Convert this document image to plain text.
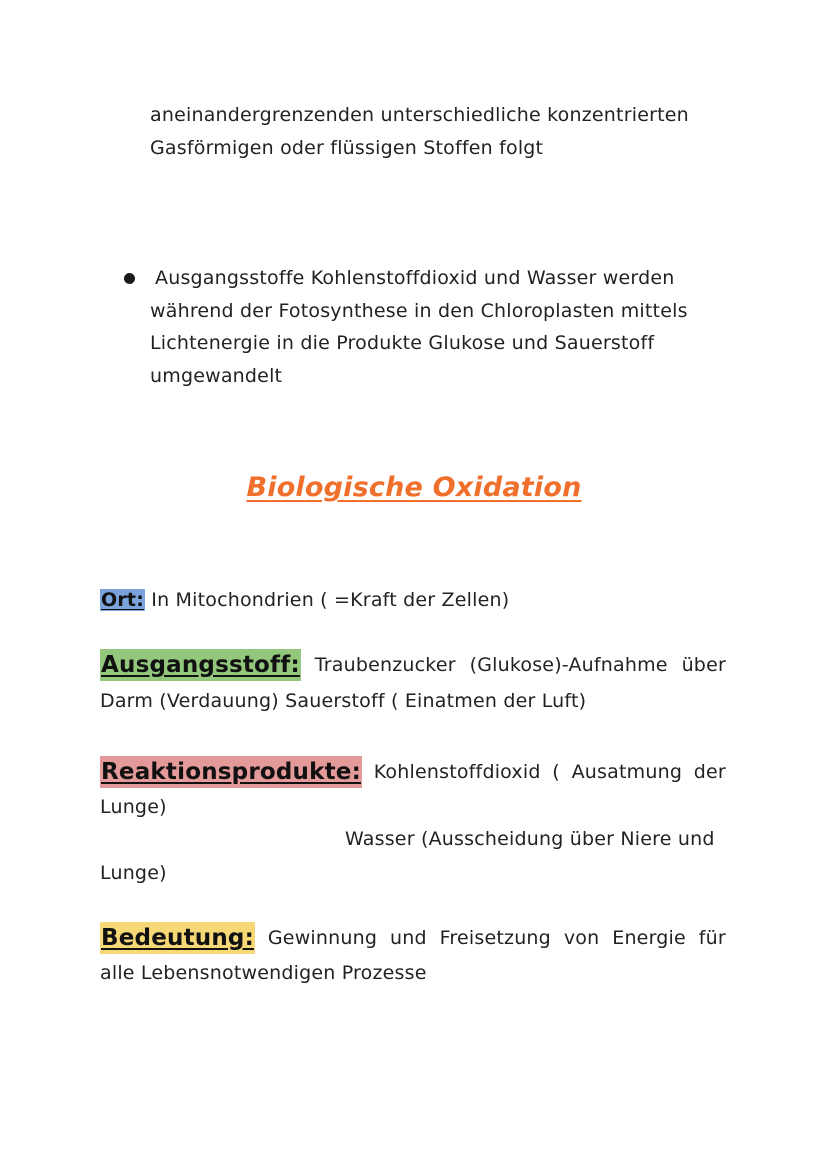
aneinandergrenzenden unterschiedliche konzentrierten
Gasförmigen oder flüssigen Stoffen folgt
Ausgangsstoffe Kohlenstoffdioxid und Wasser werden
während der Fotosynthese in den Chloroplasten mittels
Lichtenergie in die Produkte Glukose und Sauerstoff
umgewandelt
Biologische Oxidation
Ort: In Mitochondrien ( =Kraft der Zellen)
Ausgangsstoff: Traubenzucker (Glukose)-Aufnahme über
Darm (Verdauung) Sauerstoff ( Einatmen der Luft)
Reaktionsprodukte: Kohlenstoffdioxid ( Ausatmung der
Lunge)
Wasser (Ausscheidung über Niere und
Lunge)
Bedeutung: Gewinnung und Freisetzung von Energie für
alle Lebensnotwendigen Prozesse
